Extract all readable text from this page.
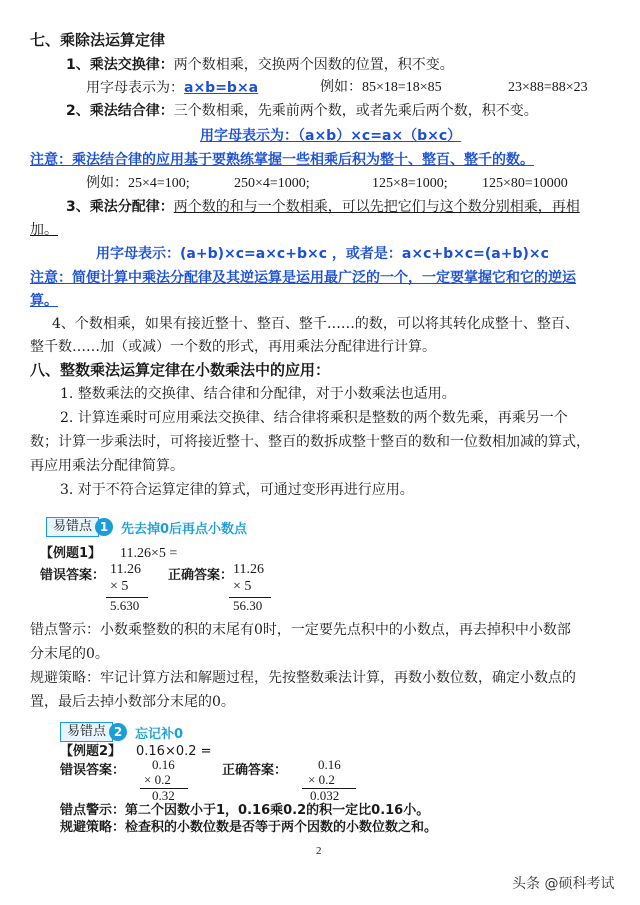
七、乘除法运算定律
1、乘法交换律：两个数相乘，交换两个因数的位置，积不变。
用字母表示为：a×b=b×a	例如：85×18=18×85	23×88=88×23
2、乘法结合律：三个数相乘，先乘前两个数，或者先乘后两个数，积不变。
用字母表示为：（a×b）×c=a×（b×c）
注意：乘法结合律的应用基于要熟练掌握一些相乘后积为整十、整百、整千的数。
例如：25×4=100;	250×4=1000;	125×8=1000; 125×80=10000
3、乘法分配律：两个数的和与一个数相乘，可以先把它们与这个数分别相乘，再相
加。
用字母表示：(a+b)×c=a×c+b×c ，或者是：a×c+b×c=(a+b)×c
注意：简便计算中乘法分配律及其逆运算是运用最广泛的一个，一定要掌握它和它的逆运
算。
4、个数相乘，如果有接近整十、整百、整千……的数，可以将其转化成整十、整百、
整千数……加（或减）一个数的形式，再用乘法分配律进行计算。
八、整数乘法运算定律在小数乘法中的应用：
1. 整数乘法的交换律、结合律和分配律，对于小数乘法也适用。
2. 计算连乘时可应用乘法交换律、结合律将乘积是整数的两个数先乘，再乘另一个
数；计算一步乘法时，可将接近整十、整百的数拆成整十整百的数和一位数相加减的算式，
再应用乘法分配律简算。
3. 对于不符合运算定律的算式，可通过变形再进行应用。
易错点 1 先去掉0后再点小数点
【例题1】 11.26×5 =
错误答案： 11.26
× 5
5.630
正确答案： 11.26
× 5
56.30
错点警示：小数乘整数的积的末尾有0时，一定要先点积中的小数点，再去掉积中小数部
分末尾的0。
规避策略：牢记计算方法和解题过程，先按整数乘法计算，再数小数位数，确定小数点的
置，最后去掉小数部分末尾的0。
易错点 2 忘记补0
【例题2】 0.16×0.2 =
错误答案： 0.16
× 0.2
0.32
正确答案： 0.16
× 0.2
0.032
错点警示：第二个因数小于1，0.16乘0.2的积一定比0.16小。
规避策略：检查积的小数位数是否等于两个因数的小数位数之和。
2
头条 @硕科考试
